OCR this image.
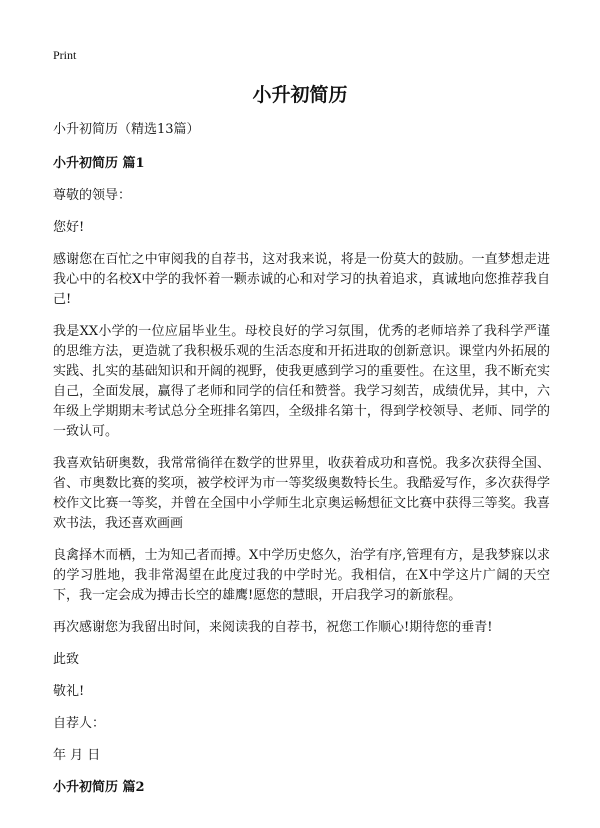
Print
小升初简历

小升初简历（精选13篇）

小升初简历 篇1

尊敬的领导：

您好!

感谢您在百忙之中审阅我的自荐书，这对我来说，将是一份莫大的鼓励。一直梦想走进我心中的名校X中学的我怀着一颗赤诚的心和对学习的执着追求，真诚地向您推荐我自己!

我是XX小学的一位应届毕业生。母校良好的学习氛围，优秀的老师培养了我科学严谨的思维方法，更造就了我积极乐观的生活态度和开拓进取的创新意识。课堂内外拓展的实践、扎实的基础知识和开阔的视野，使我更感到学习的重要性。在这里，我不断充实自己，全面发展，赢得了老师和同学的信任和赞誉。我学习刻苦，成绩优异，其中，六年级上学期期末考试总分全班排名第四，全级排名第十，得到学校领导、老师、同学的一致认可。

我喜欢钻研奥数，我常常徜徉在数学的世界里，收获着成功和喜悦。我多次获得全国、省、市奥数比赛的奖项，被学校评为市一等奖级奥数特长生。我酷爱写作，多次获得学校作文比赛一等奖，并曾在全国中小学师生北京奥运畅想征文比赛中获得三等奖。我喜欢书法，我还喜欢画画

良禽择木而栖，士为知己者而搏。X中学历史悠久，治学有序,管理有方，是我梦寐以求的学习胜地，我非常渴望在此度过我的中学时光。我相信，在X中学这片广阔的天空下，我一定会成为搏击长空的雄鹰!愿您的慧眼，开启我学习的新旅程。

再次感谢您为我留出时间，来阅读我的自荐书，祝您工作顺心!期待您的垂青!

此致

敬礼!

自荐人：

年 月 日

小升初简历 篇2
